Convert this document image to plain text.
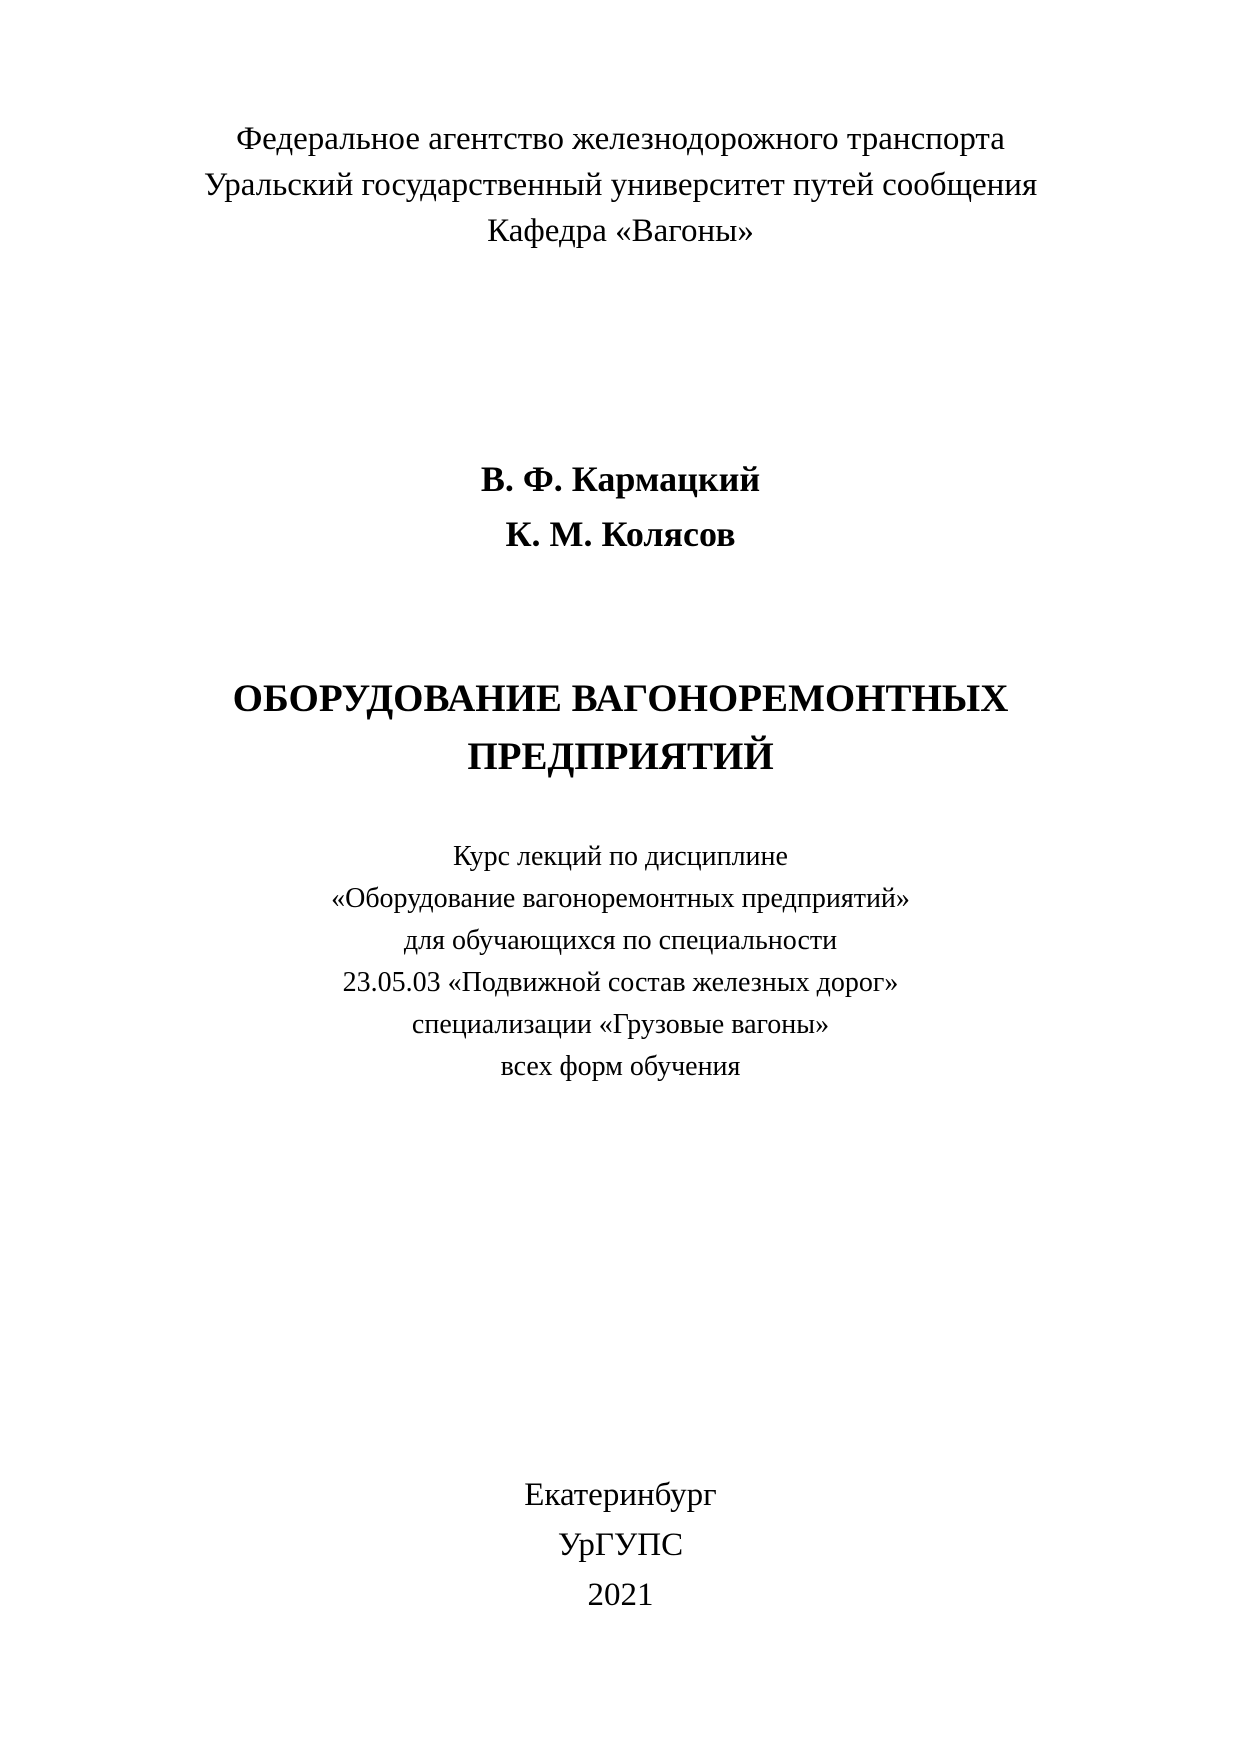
Федеральное агентство железнодорожного транспорта
Уральский государственный университет путей сообщения
Кафедра «Вагоны»
В. Ф. Кармацкий
К. М. Колясов
ОБОРУДОВАНИЕ ВАГОНОРЕМОНТНЫХ
ПРЕДПРИЯТИЙ
Курс лекций по дисциплине
«Оборудование вагоноремонтных предприятий»
для обучающихся по специальности
23.05.03 «Подвижной состав железных дорог»
специализации «Грузовые вагоны»
всех форм обучения
Екатеринбург
УрГУПС
2021
